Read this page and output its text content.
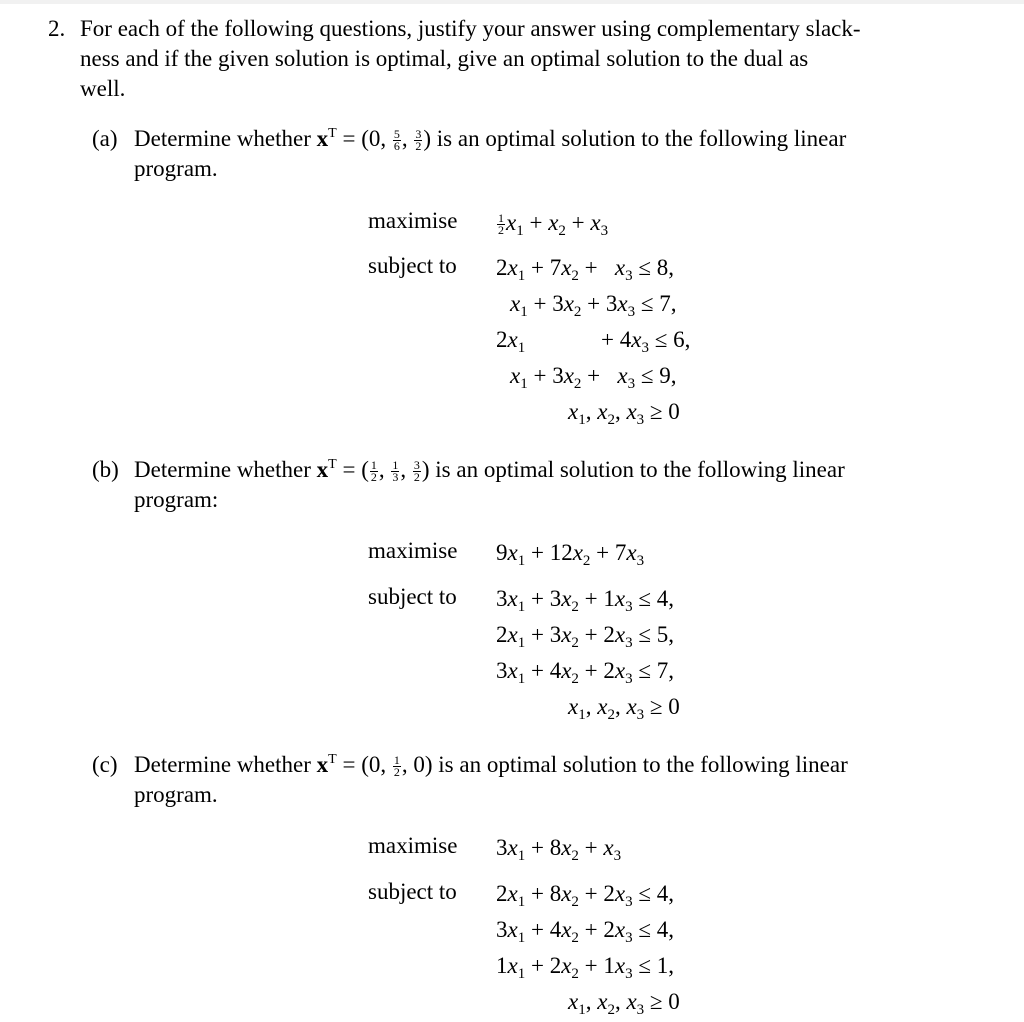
2. For each of the following questions, justify your answer using complementary slack-
ness and if the given solution is optimal, give an optimal solution to the dual as
well.
(a) Determine whether $x^T = (0$, $\frac{5}{6}$ , $\frac{3}{2}$ ) is an optimal solution to the following linear
program.
maximise	$\frac{1}{2} x_1 + x_2 + x_3$
subject to $2x_1 + 7x_2 + x_3 \le 8$,
$x_1 + 3x_2 + 3x_3 \le 7$,
$2x_1$	+ $4x_3 \le 6$,
$x_1 + 3x_2 + x_3 \le 9$,
$x_1$, $x_2$, $x_3 \ge 0$
(b) Determine whether $x^T$ = ( $\frac{1}{2}$ , $\frac{1}{3}$ , $\frac{3}{2}$ ) is an optimal solution to the following linear
program:
maximise $9x_1 + 12x_2 + 7x_3$
subject to $3x_1 + 3x_2 + 1x_3 \le 4$,
$2x_1 + 3x_2 + 2x_3 \le 5$,
$3x_1 + 4x_2 + 2x_3 \le 7$,
$x_1$, $x_2$, $x_3 \ge 0$
(c) Determine whether $x^T = (0$, $\frac{1}{2}$ , 0) is an optimal solution to the following linear
program.
maximise $3x_1 + 8x_2 + x_3$
subject to $2x_1 + 8x_2 + 2x_3 \le 4$,
$3x_1 + 4x_2 + 2x_3 \le 4$,
$1x_1 + 2x_2 + 1x_3 \le 1$,
$x_1$, $x_2$, $x_3 \ge 0$
